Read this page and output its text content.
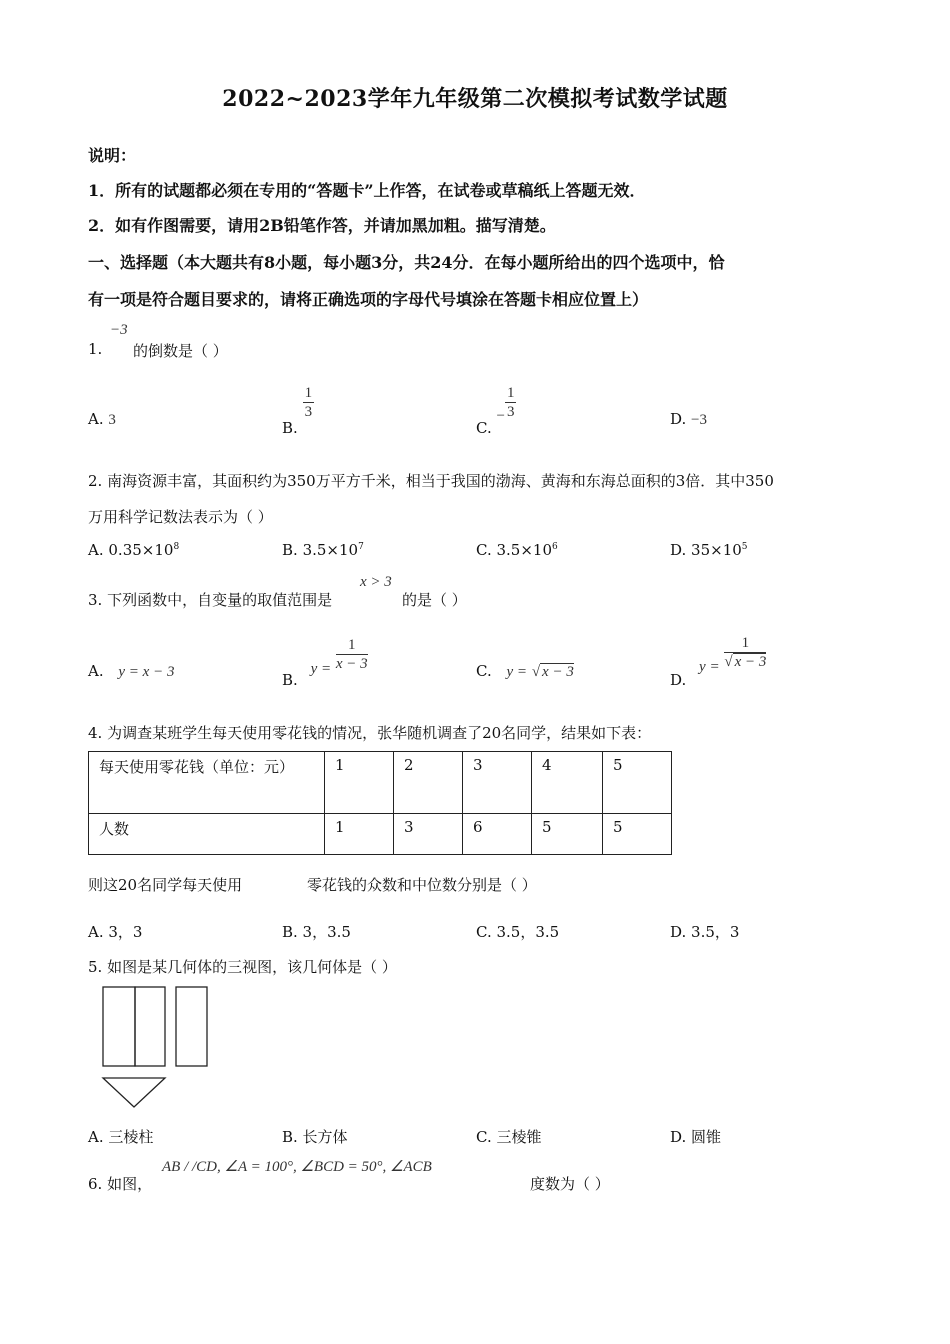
2022~2023学年九年级第二次模拟考试数学试题
说明：
1．所有的试题都必须在专用的“答题卡”上作答，在试卷或草稿纸上答题无效．
2．如有作图需要，请用2B铅笔作答，并请加黑加粗。描写清楚。
一、选择题（本大题共有8小题，每小题3分，共24分．在每小题所给出的四个选项中，恰
有一项是符合题目要求的，请将正确选项的字母代号填涂在答题卡相应位置上）
1.
−3
的倒数是（ ）
A. 3	B.
$\frac{1}{3}$
C. − $\frac{1}{3}$	D. −3
2. 南海资源丰富，其面积约为350万平方千米，相当于我国的渤海、黄海和东海总面积的3倍．其中350
万用科学记数法表示为（ ）
A. $0.35\times 10^8$	B. $3.5\times 10^7$	C. $3.5\times 10^6$	D. $35\times 10^5$
3. 下列函数中，自变量的取值范围是
x > 3
的是（ ）
A. y = x − 3	B. $y = \frac{1}{x - 3}$	C. y = √ x − 3	D. $y = \frac{1}{√ x - 3}$
4. 为调查某班学生每天使用零花钱的情况，张华随机调查了20名同学，结果如下表：
每天使用零花钱（单位：元）	1	2	3	4	5
人数	1	3	6	5	5
则这20名同学每天使用	零花钱的众数和中位数分别是（ ）
A. 3，3	B. 3，3.5	C. 3.5，3.5	D. 3.5，3
5. 如图是某几何体的三视图，该几何体是（ ）
A. 三棱柱	B. 长方体	C. 三棱锥	D. 圆锥
6. 如图，
AB / /CD, ∠A = 100°, ∠BCD = 50°, ∠ACB
度数为（ ）
